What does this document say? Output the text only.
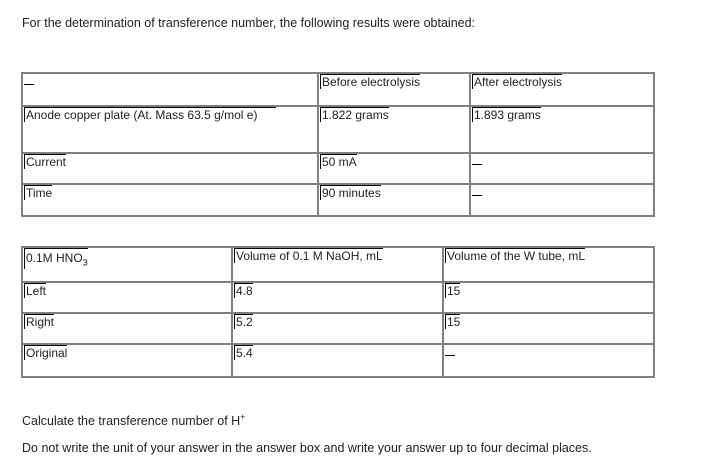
For the determination of transference number, the following results were obtained:
	Before electrolysis	After electrolysis
Anode copper plate (At. Mass 63.5 g/mol e)	1.822 grams	1.893 grams
Current	50 mA	
Time	90 minutes	
0.1M $HNO_3$	Volume of 0.1 M NaOH, mL	Volume of the W tube, mL
Left	4.8	15
Right	5.2	15
Original	5.4	
Calculate the transference number of H+
Do not write the unit of your answer in the answer box and write your answer up to four decimal places.
